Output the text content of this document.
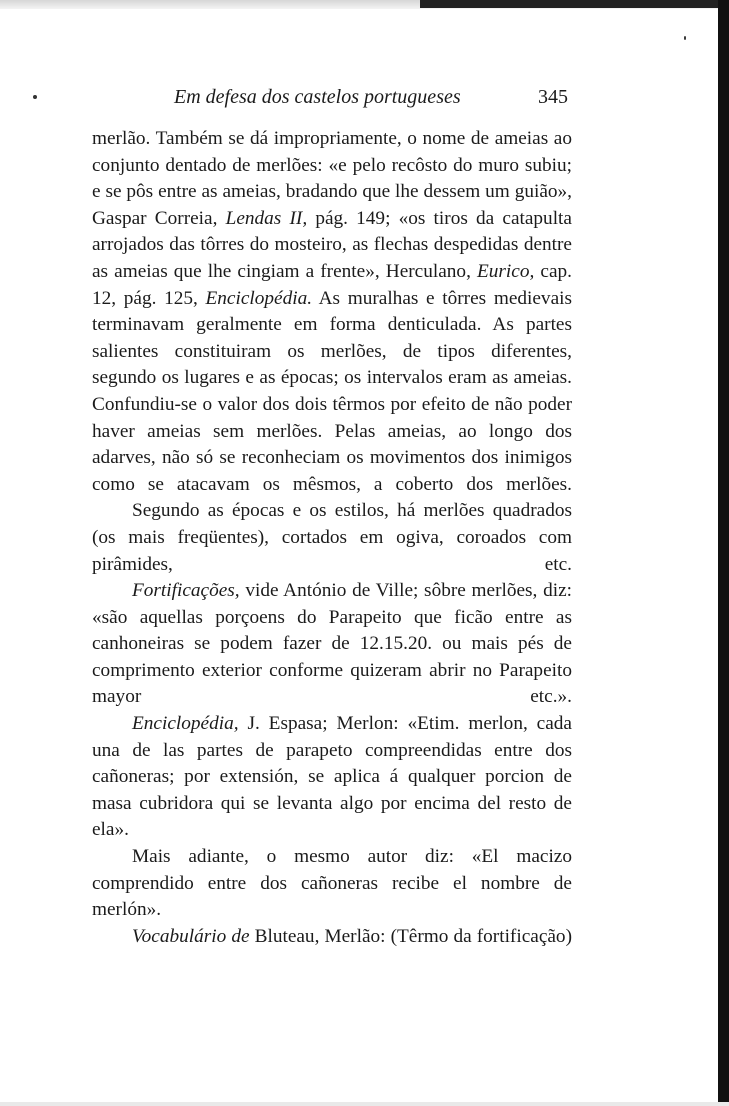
Em defesa dos castelos portugueses	345

merlão. Também se dá impropriamente, o nome de ameias ao conjunto dentado de merlões: «e pelo recôsto do muro subiu; e se pôs entre as ameias, bradando que lhe dessem um guião», Gaspar Correia, Lendas II, pág. 149; «os tiros da catapulta arrojados das tôrres do mosteiro, as flechas despedidas dentre as ameias que lhe cingiam a frente», Herculano, Eurico, cap. 12, pág. 125, Enciclopédia. As muralhas e tôrres medievais terminavam geralmente em forma denticulada. As partes salientes constituiram os merlões, de tipos diferentes, segundo os lugares e as épocas; os intervalos eram as ameias. Confundiu-se o valor dos dois têrmos por efeito de não poder haver ameias sem merlões. Pelas ameias, ao longo dos adarves, não só se reconheciam os movimentos dos inimigos como se atacavam os mêsmos, a coberto dos merlões.

Segundo as épocas e os estilos, há merlões quadrados (os mais freqüentes), cortados em ogiva, coroados com pirâmides, etc.

Fortificações, vide António de Ville; sôbre merlões, diz: «são aquellas porçoens do Parapeito que ficão entre as canhoneiras se podem fazer de 12.15.20. ou mais pés de comprimento exterior conforme quizeram abrir no Parapeito mayor etc.».

Enciclopédia, J. Espasa; Merlon: «Etim. merlon, cada una de las partes de parapeto compreendidas entre dos cañoneras; por extensión, se aplica á qualquer porcion de masa cubridora qui se levanta algo por encima del resto de ela».

Mais adiante, o mesmo autor diz: «El macizo comprendido entre dos cañoneras recibe el nombre de merlón».

Vocabulário de Bluteau, Merlão: (Têrmo da fortificação)
